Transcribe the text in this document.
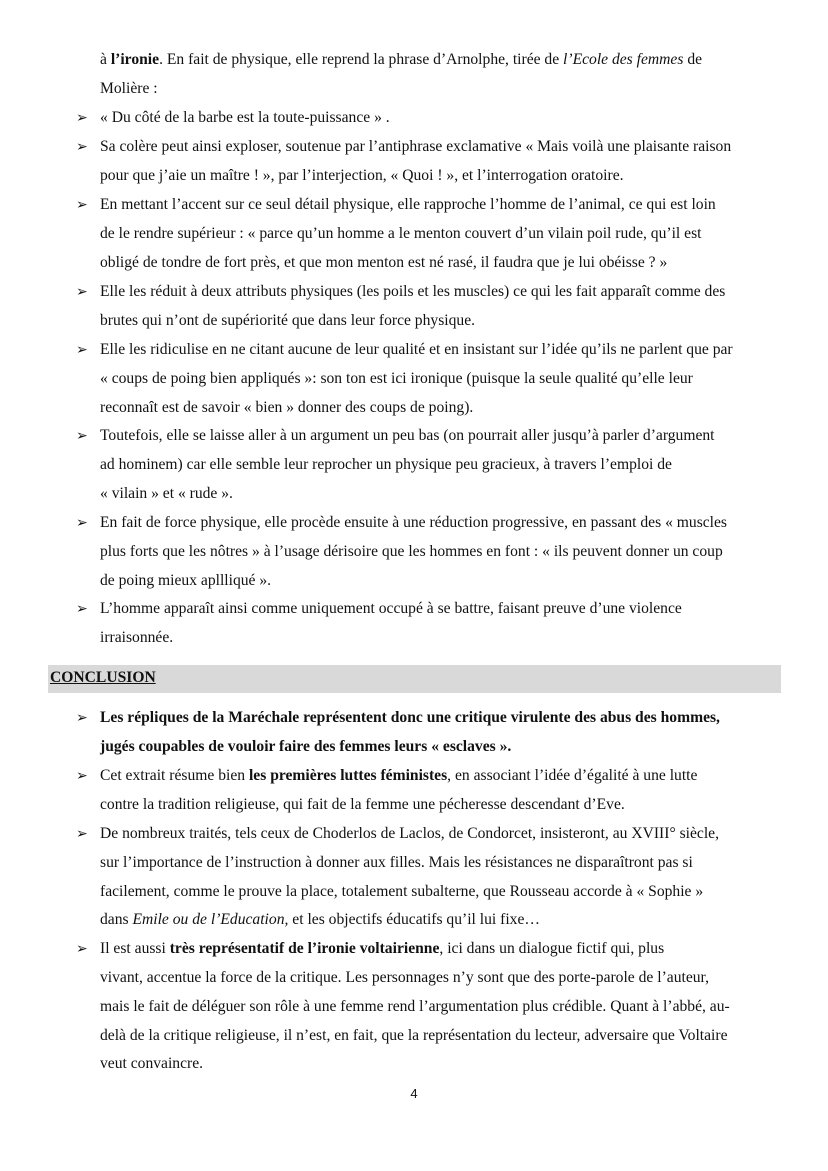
à l’ironie. En fait de physique, elle reprend la phrase d’Arnolphe, tirée de l’Ecole des femmes de
Molière :
➢ « Du côté de la barbe est la toute-puissance » .
➢ Sa colère peut ainsi exploser, soutenue par l’antiphrase exclamative « Mais voilà une plaisante raison
pour que j’aie un maître ! », par l’interjection, « Quoi ! », et l’interrogation oratoire.
➢ En mettant l’accent sur ce seul détail physique, elle rapproche l’homme de l’animal, ce qui est loin
de le rendre supérieur : « parce qu’un homme a le menton couvert d’un vilain poil rude, qu’il est
obligé de tondre de fort près, et que mon menton est né rasé, il faudra que je lui obéisse ? »
➢ Elle les réduit à deux attributs physiques (les poils et les muscles) ce qui les fait apparaît comme des
brutes qui n’ont de supériorité que dans leur force physique.
➢ Elle les ridiculise en ne citant aucune de leur qualité et en insistant sur l’idée qu’ils ne parlent que par
« coups de poing bien appliqués »: son ton est ici ironique (puisque la seule qualité qu’elle leur
reconnaît est de savoir « bien » donner des coups de poing).
➢ Toutefois, elle se laisse aller à un argument un peu bas (on pourrait aller jusqu’à parler d’argument
ad hominem) car elle semble leur reprocher un physique peu gracieux, à travers l’emploi de
« vilain » et « rude ».
➢ En fait de force physique, elle procède ensuite à une réduction progressive, en passant des « muscles
plus forts que les nôtres » à l’usage dérisoire que les hommes en font : « ils peuvent donner un coup
de poing mieux apllliqué ».
➢ L’homme apparaît ainsi comme uniquement occupé à se battre, faisant preuve d’une violence
irraisonnée.
CONCLUSION
➢ Les répliques de la Maréchale représentent donc une critique virulente des abus des hommes,
jugés coupables de vouloir faire des femmes leurs « esclaves ».
➢ Cet extrait résume bien les premières luttes féministes, en associant l’idée d’égalité à une lutte
contre la tradition religieuse, qui fait de la femme une pécheresse descendant d’Eve.
➢ De nombreux traités, tels ceux de Choderlos de Laclos, de Condorcet, insisteront, au XVIII° siècle,
sur l’importance de l’instruction à donner aux filles. Mais les résistances ne disparaîtront pas si
facilement, comme le prouve la place, totalement subalterne, que Rousseau accorde à « Sophie »
dans Emile ou de l’Education, et les objectifs éducatifs qu’il lui fixe…
➢ Il est aussi très représentatif de l’ironie voltairienne, ici dans un dialogue fictif qui, plus
vivant, accentue la force de la critique. Les personnages n’y sont que des porte-parole de l’auteur,
mais le fait de déléguer son rôle à une femme rend l’argumentation plus crédible. Quant à l’abbé, au-
delà de la critique religieuse, il n’est, en fait, que la représentation du lecteur, adversaire que Voltaire
veut convaincre.
4
